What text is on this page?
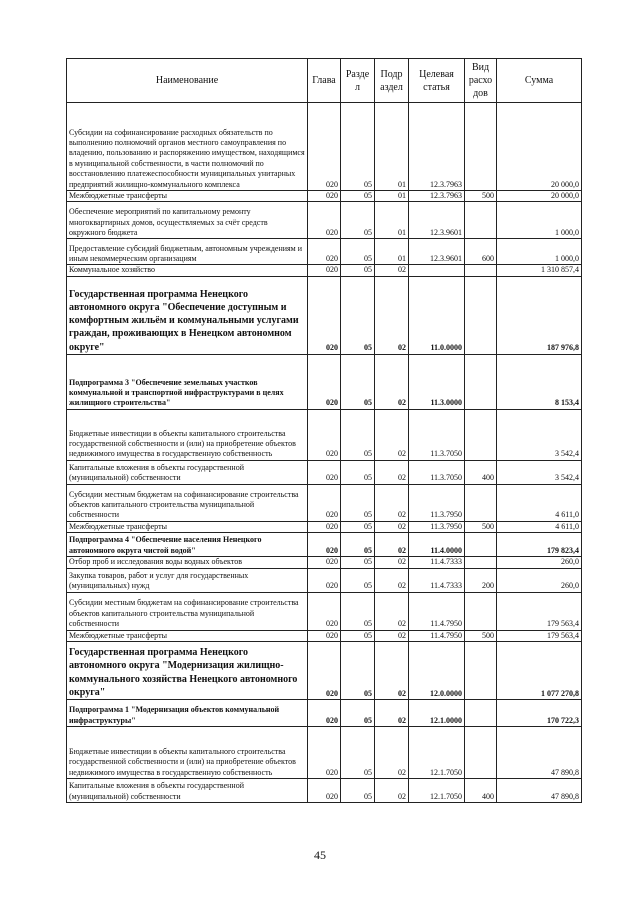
Наименование	Глава	Разде л	Подр аздел	Целевая статья	Вид расхо дов	Сумма
Субсидии на софинансирование расходных обязательств по выполнению полномочий органов местного самоуправления по владению, пользованию и распоряжению имуществом, находящимся в муниципальной собственности, в части полномочий по восстановлению платежеспособности муниципальных унитарных предприятий жилищно-коммунального комплекса	020	05	01	12.3.7963		20 000,0
Межбюджетные трансферты	020	05	01	12.3.7963	500	20 000,0
Обеспечение мероприятий по капитальному ремонту многоквартирных домов, осуществляемых за счёт средств окружного бюджета	020	05	01	12.3.9601		1 000,0
Предоставление субсидий бюджетным, автономным учреждениям и иным некоммерческим организациям	020	05	01	12.3.9601	600	1 000,0
Коммунальное хозяйство	020	05	02			1 310 857,4
Государственная программа Ненецкого автономного округа "Обеспечение доступным и комфортным жильём и коммунальными услугами граждан, проживающих в Ненецком автономном округе"	020	05	02	11.0.0000		187 976,8
Подпрограмма 3 "Обеспечение земельных участков коммунальной и транспортной инфраструктурами в целях жилищного строительства"	020	05	02	11.3.0000		8 153,4
Бюджетные инвестиции в объекты капитального строительства государственной собственности и (или) на приобретение объектов недвижимого имущества в государственную собственность	020	05	02	11.3.7050		3 542,4
Капитальные вложения в объекты государственной (муниципальной) собственности	020	05	02	11.3.7050	400	3 542,4
Субсидии местным бюджетам на софинансирование строительства объектов капитального строительства муниципальной собственности	020	05	02	11.3.7950		4 611,0
Межбюджетные трансферты	020	05	02	11.3.7950	500	4 611,0
Подпрограмма 4 "Обеспечение населения Ненецкого автономного округа чистой водой"	020	05	02	11.4.0000		179 823,4
Отбор проб и исследования воды водных объектов	020	05	02	11.4.7333		260,0
Закупка товаров, работ и услуг для государственных (муниципальных) нужд	020	05	02	11.4.7333	200	260,0
Субсидии местным бюджетам на софинансирование строительства объектов капитального строительства муниципальной собственности	020	05	02	11.4.7950		179 563,4
Межбюджетные трансферты	020	05	02	11.4.7950	500	179 563,4
Государственная программа Ненецкого автономного округа "Модернизация жилищно-коммунального хозяйства Ненецкого автономного округа"	020	05	02	12.0.0000		1 077 270,8
Подпрограмма 1 "Модернизация объектов коммунальной инфраструктуры"	020	05	02	12.1.0000		170 722,3
Бюджетные инвестиции в объекты капитального строительства государственной собственности и (или) на приобретение объектов недвижимого имущества в государственную собственность	020	05	02	12.1.7050		47 890,8
Капитальные вложения в объекты государственной (муниципальной) собственности	020	05	02	12.1.7050	400	47 890,8
45
